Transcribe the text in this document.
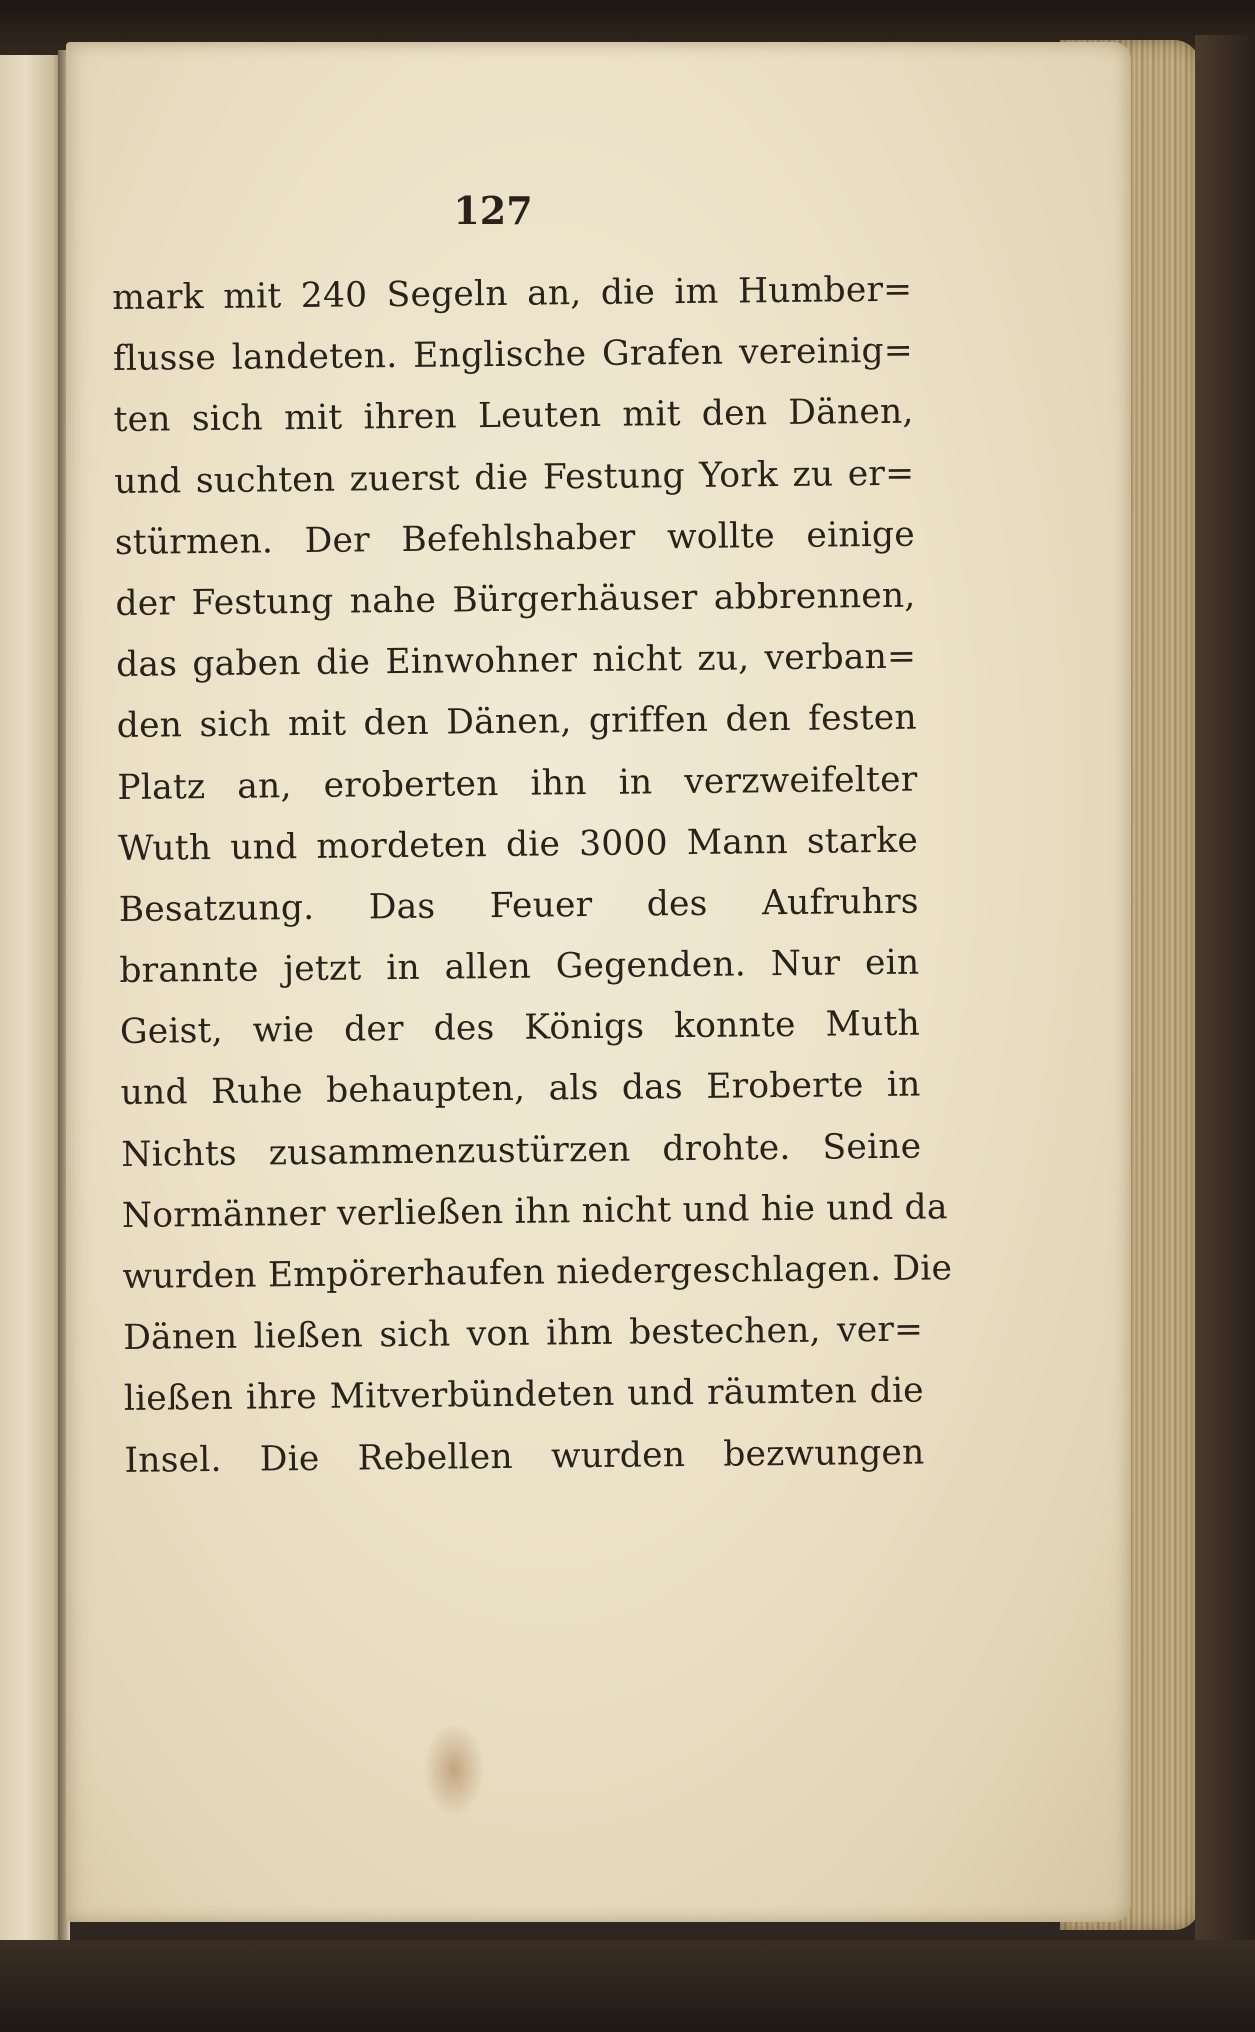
127
mark mit 240 Segeln an, die im Humber=
flusse landeten. Englische Grafen vereinig=
ten sich mit ihren Leuten mit den Dänen,
und suchten zuerst die Festung York zu er=
stürmen. Der Befehlshaber wollte einige
der Festung nahe Bürgerhäuser abbrennen,
das gaben die Einwohner nicht zu, verban=
den sich mit den Dänen, griffen den festen
Platz an, eroberten ihn in verzweifelter
Wuth und mordeten die 3000 Mann starke
Besatzung. Das Feuer des Aufruhrs
brannte jetzt in allen Gegenden. Nur ein
Geist, wie der des Königs konnte Muth
und Ruhe behaupten, als das Eroberte in
Nichts zusammenzustürzen drohte. Seine
Normänner verließen ihn nicht und hie und da
wurden Empörerhaufen niedergeschlagen. Die
Dänen ließen sich von ihm bestechen, ver=
ließen ihre Mitverbündeten und räumten die
Insel. Die Rebellen wurden bezwungen
